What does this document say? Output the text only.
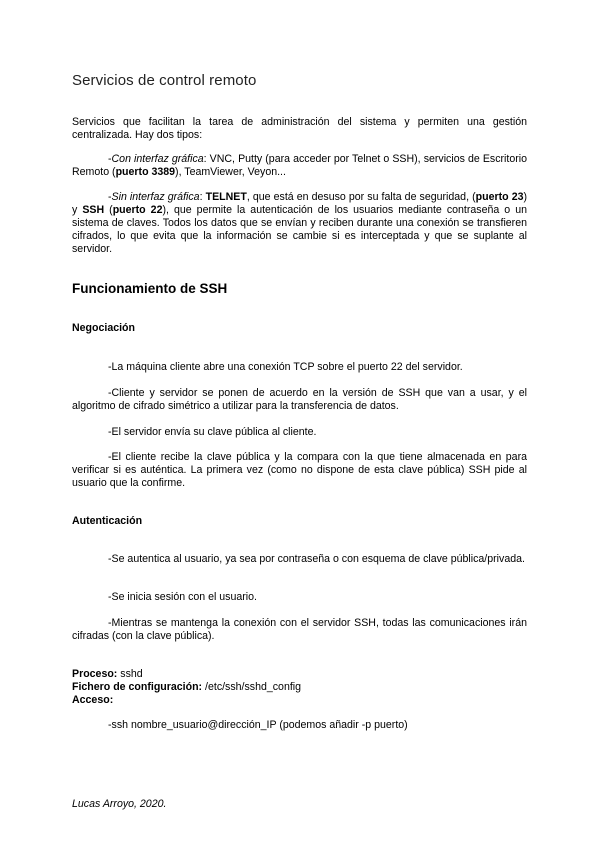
Servicios de control remoto

Servicios que facilitan la tarea de administración del sistema y permiten una gestión centralizada. Hay dos tipos:

-Con interfaz gráfica: VNC, Putty (para acceder por Telnet o SSH), servicios de Escritorio Remoto (puerto 3389), TeamViewer, Veyon...

-Sin interfaz gráfica: TELNET, que está en desuso por su falta de seguridad, (puerto 23) y SSH (puerto 22), que permite la autenticación de los usuarios mediante contraseña o un sistema de claves. Todos los datos que se envían y reciben durante una conexión se transfieren cifrados, lo que evita que la información se cambie si es interceptada y que se suplante al servidor.

Funcionamiento de SSH
Negociación

-La máquina cliente abre una conexión TCP sobre el puerto 22 del servidor.

-Cliente y servidor se ponen de acuerdo en la versión de SSH que van a usar, y el algoritmo de cifrado simétrico a utilizar para la transferencia de datos.

-El servidor envía su clave pública al cliente.

-El cliente recibe la clave pública y la compara con la que tiene almacenada en para verificar si es auténtica. La primera vez (como no dispone de esta clave pública) SSH pide al usuario que la confirme.

Autenticación

-Se autentica al usuario, ya sea por contraseña o con esquema de clave pública/privada.

-Se inicia sesión con el usuario.

-Mientras se mantenga la conexión con el servidor SSH, todas las comunicaciones irán cifradas (con la clave pública).

Proceso: sshd

Fichero de configuración: /etc/ssh/sshd_config

Acceso:

-ssh nombre_usuario@dirección_IP (podemos añadir -p puerto)

Lucas Arroyo, 2020.
